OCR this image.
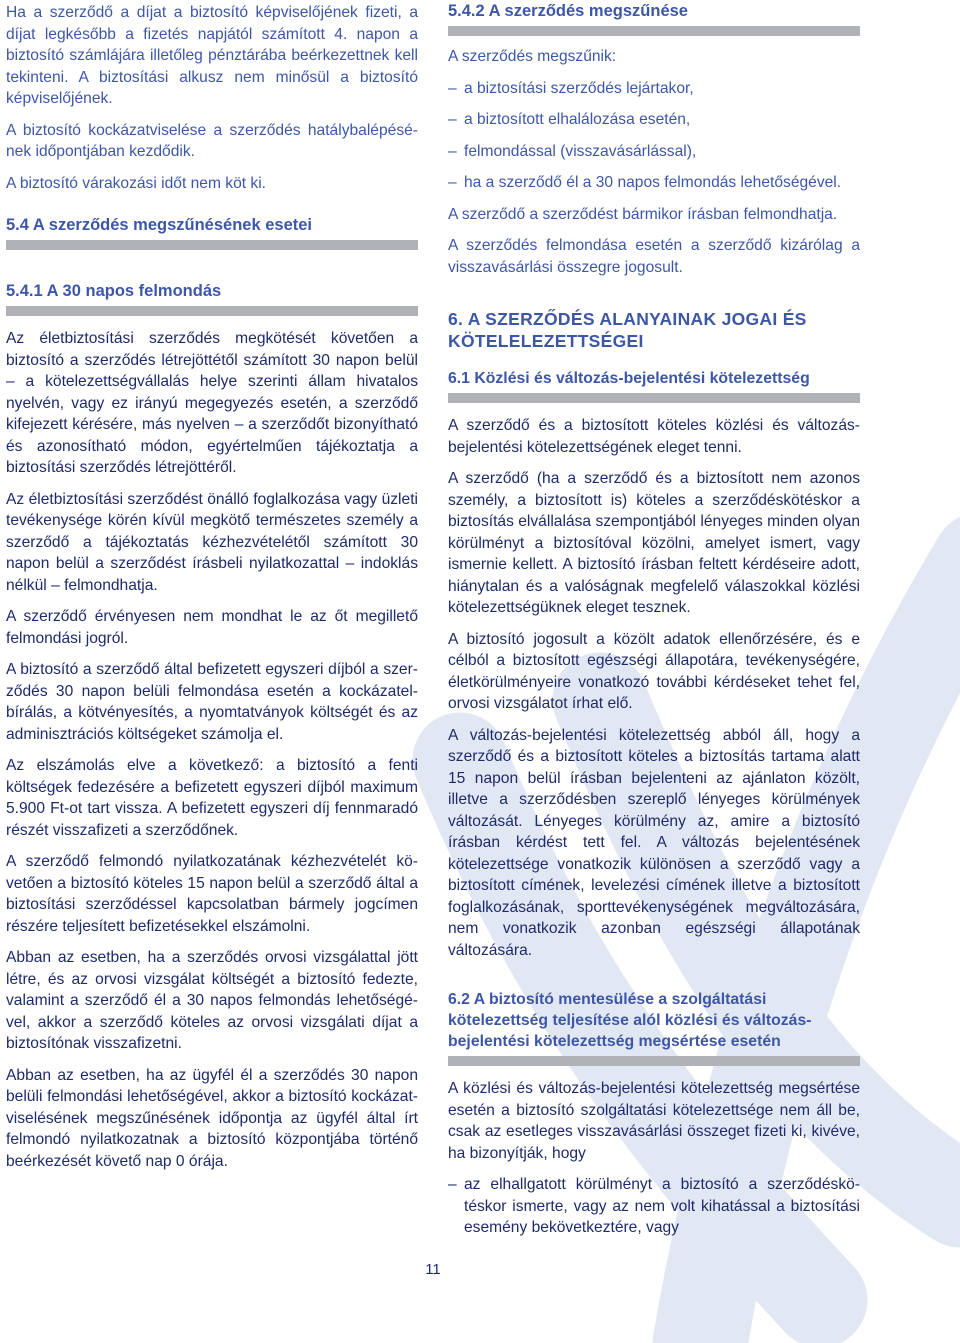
Ha a szerződő a díjat a biztosító képviselőjének fizeti, a díjat legkésőbb a fizetés napjától számított 4. napon a biztosító számlájára illetőleg pénztárába beérkezettnek kell tekinteni. A biztosítási alkusz nem minősül a biztosító képviselőjének.

A biztosító kockázatviselése a szerződés hatálybalépésének időpontjában kezdődik.

A biztosító várakozási időt nem köt ki.

5.4 A szerződés megszűnésének esetei
5.4.1 A 30 napos felmondás

Az életbiztosítási szerződés megkötését követően a biztosító a szerződés létrejöttétől számított 30 napon belül – a kötelezettségvállalás helye szerinti állam hivatalos nyelvén, vagy ez irányú megegyezés esetén, a szerződő kifejezett kérésére, más nyelven – a szerződőt bizonyítható és azonosítható módon, egyértelműen tájékoztatja a biztosítási szerződés létrejöttéről.

Az életbiztosítási szerződést önálló foglalkozása vagy üzleti tevékenysége körén kívül megkötő természetes személy a szerződő a tájékoztatás kézhezvételétől számított 30 napon belül a szerződést írásbeli nyilatkozattal – indoklás nélkül – felmondhatja.

A szerződő érvényesen nem mondhat le az őt megillető felmondási jogról.

A biztosító a szerződő által befizetett egyszeri díjból a szerződés 30 napon belüli felmondása esetén a kockázatelbírálás, a kötvényesítés, a nyomtatványok költségét és az adminisztrációs költségeket számolja el.

Az elszámolás elve a következő: a biztosító a fenti költségek fedezésére a befizetett egyszeri díjból maximum 5.900 Ft-ot tart vissza. A befizetett egyszeri díj fennmaradó részét visszafizeti a szerződőnek.

A szerződő felmondó nyilatkozatának kézhezvételét követően a biztosító köteles 15 napon belül a szerződő által a biztosítási szerződéssel kapcsolatban bármely jogcímen részére teljesített befizetésekkel elszámolni.

Abban az esetben, ha a szerződés orvosi vizsgálattal jött létre, és az orvosi vizsgálat költségét a biztosító fedezte, valamint a szerződő él a 30 napos felmondás lehetőségével, akkor a szerződő köteles az orvosi vizsgálati díjat a biztosítónak visszafizetni.

Abban az esetben, ha az ügyfél él a szerződés 30 napon belüli felmondási lehetőségével, akkor a biztosító kockázatviselésének megszűnésének időpontja az ügyfél által írt felmondó nyilatkozatnak a biztosító központjába történő beérkezését követő nap 0 órája.

5.4.2 A szerződés megszűnése

A szerződés megszűnik:

– a biztosítási szerződés lejártakor,
– a biztosított elhalálozása esetén,
– felmondással (visszavásárlással),
– ha a szerződő él a 30 napos felmondás lehetőségével.

A szerződő a szerződést bármikor írásban felmondhatja.

A szerződés felmondása esetén a szerződő kizárólag a visszavásárlási összegre jogosult.

6. A SZERZŐDÉS ALANYAINAK JOGAI ÉS KÖTELELEZETTSÉGEI
6.1 Közlési és változás-bejelentési kötelezettség

A szerződő és a biztosított köteles közlési és változásbejelentési kötelezettségének eleget tenni.

A szerződő (ha a szerződő és a biztosított nem azonos személy, a biztosított is) köteles a szerződéskötéskor a biztosítás elvállalása szempontjából lényeges minden olyan körülményt a biztosítóval közölni, amelyet ismert, vagy ismernie kellett. A biztosító írásban feltett kérdéseire adott, hiánytalan és a valóságnak megfelelő válaszokkal közlési kötelezettségüknek eleget tesznek.

A biztosító jogosult a közölt adatok ellenőrzésére, és e célból a biztosított egészségi állapotára, tevékenységére, életkörülményeire vonatkozó további kérdéseket tehet fel, orvosi vizsgálatot írhat elő.

A változás-bejelentési kötelezettség abból áll, hogy a szerződő és a biztosított köteles a biztosítás tartama alatt 15 napon belül írásban bejelenteni az ajánlaton közölt, illetve a szerződésben szereplő lényeges körülmények változását. Lényeges körülmény az, amire a biztosító írásban kérdést tett fel. A változás bejelentésének kötelezettsége vonatkozik különösen a szerződő vagy a biztosított címének, levelezési címének illetve a biztosított foglalkozásának, sporttevékenységének megváltozására, nem vonatkozik azonban egészségi állapotának változására.

6.2 A biztosító mentesülése a szolgáltatási kötelezettség teljesítése alól közlési és változásbejelentési kötelezettség megsértése esetén

A közlési és változás-bejelentési kötelezettség megsértése esetén a biztosító szolgáltatási kötelezettsége nem áll be, csak az esetleges visszavásárlási összeget fizeti ki, kivéve, ha bizonyítják, hogy

– az elhallgatott körülményt a biztosító a szerződéskötéskor ismerte, vagy az nem volt kihatással a biztosítási esemény bekövetkeztére, vagy
11
